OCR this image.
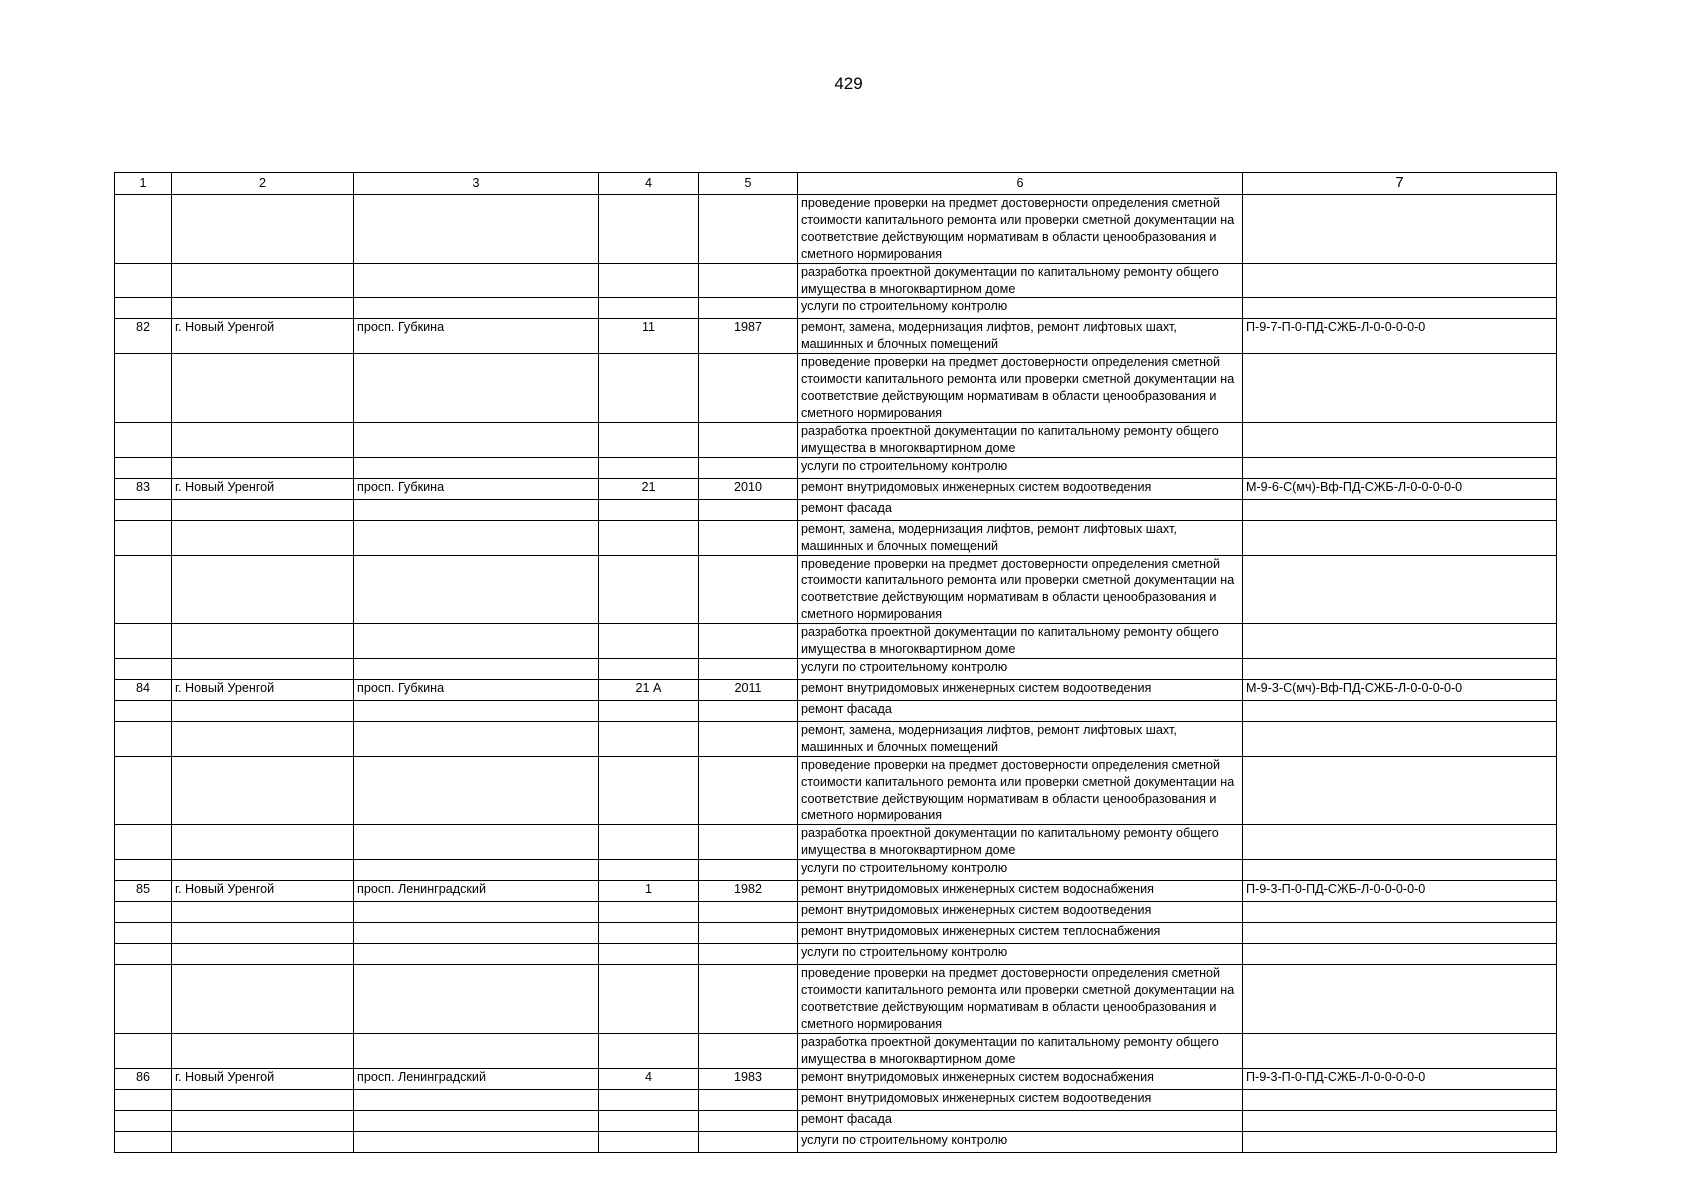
429
1	2	3	4	5	6	7
					проведение проверки на предмет достоверности определения сметной стоимости капитального ремонта или проверки сметной документации на соответствие действующим нормативам в области ценообразования и сметного нормирования	
					разработка проектной документации по капитальному ремонту общего имущества в многоквартирном доме	
					услуги по строительному контролю	
82	г. Новый Уренгой	просп. Губкина	11	1987	ремонт, замена, модернизация лифтов, ремонт лифтовых шахт, машинных и блочных помещений	П-9-7-П-0-ПД-СЖБ-Л-0-0-0-0-0
					проведение проверки на предмет достоверности определения сметной стоимости капитального ремонта или проверки сметной документации на соответствие действующим нормативам в области ценообразования и сметного нормирования	
					разработка проектной документации по капитальному ремонту общего имущества в многоквартирном доме	
					услуги по строительному контролю	
83	г. Новый Уренгой	просп. Губкина	21	2010	ремонт внутридомовых инженерных систем водоотведения	М-9-6-С(мч)-Вф-ПД-СЖБ-Л-0-0-0-0-0
					ремонт фасада	
					ремонт, замена, модернизация лифтов, ремонт лифтовых шахт, машинных и блочных помещений	
					проведение проверки на предмет достоверности определения сметной стоимости капитального ремонта или проверки сметной документации на соответствие действующим нормативам в области ценообразования и сметного нормирования	
					разработка проектной документации по капитальному ремонту общего имущества в многоквартирном доме	
					услуги по строительному контролю	
84	г. Новый Уренгой	просп. Губкина	21 А	2011	ремонт внутридомовых инженерных систем водоотведения	М-9-3-С(мч)-Вф-ПД-СЖБ-Л-0-0-0-0-0
					ремонт фасада	
					ремонт, замена, модернизация лифтов, ремонт лифтовых шахт, машинных и блочных помещений	
					проведение проверки на предмет достоверности определения сметной стоимости капитального ремонта или проверки сметной документации на соответствие действующим нормативам в области ценообразования и сметного нормирования	
					разработка проектной документации по капитальному ремонту общего имущества в многоквартирном доме	
					услуги по строительному контролю	
85	г. Новый Уренгой	просп. Ленинградский	1	1982	ремонт внутридомовых инженерных систем водоснабжения	П-9-3-П-0-ПД-СЖБ-Л-0-0-0-0-0
					ремонт внутридомовых инженерных систем водоотведения	
					ремонт внутридомовых инженерных систем теплоснабжения	
					услуги по строительному контролю	
					проведение проверки на предмет достоверности определения сметной стоимости капитального ремонта или проверки сметной документации на соответствие действующим нормативам в области ценообразования и сметного нормирования	
					разработка проектной документации по капитальному ремонту общего имущества в многоквартирном доме	
86	г. Новый Уренгой	просп. Ленинградский	4	1983	ремонт внутридомовых инженерных систем водоснабжения	П-9-3-П-0-ПД-СЖБ-Л-0-0-0-0-0
					ремонт внутридомовых инженерных систем водоотведения	
					ремонт фасада	
					услуги по строительному контролю	
